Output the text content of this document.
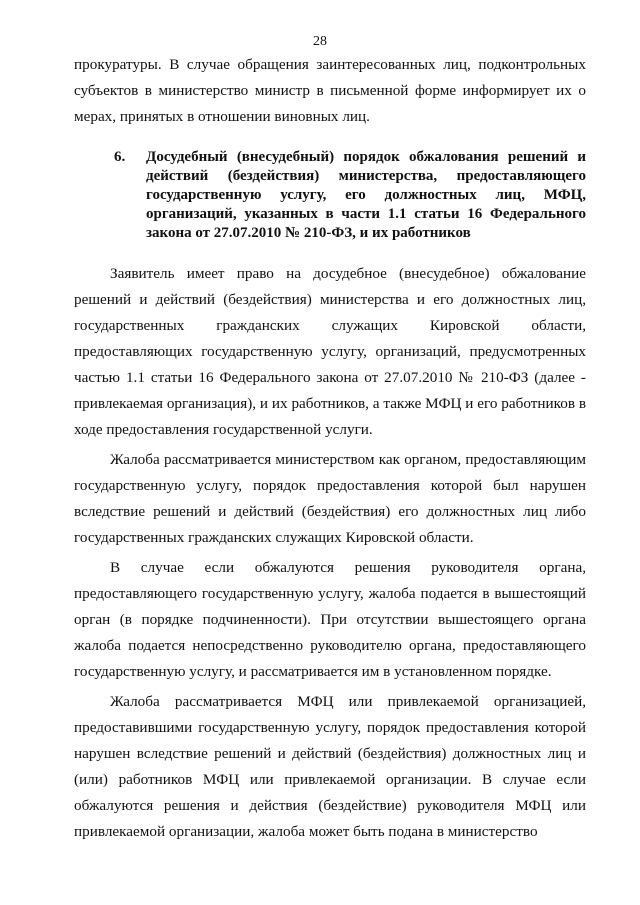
28

прокуратуры. В случае обращения заинтересованных лиц, подконтрольных субъектов в министерство министр в письменной форме информирует их о мерах, принятых в отношении виновных лиц.

6. Досудебный (внесудебный) порядок обжалования решений и действий (бездействия) министерства, предоставляющего государственную услугу, его должностных лиц, МФЦ, организаций, указанных в части 1.1 статьи 16 Федерального закона от 27.07.2010 № 210-ФЗ, и их работников

Заявитель имеет право на досудебное (внесудебное) обжалование решений и действий (бездействия) министерства и его должностных лиц, государственных гражданских служащих Кировской области, предоставляющих государственную услугу, организаций, предусмотренных частью 1.1 статьи 16 Федерального закона от 27.07.2010 № 210-ФЗ (далее - привлекаемая организация), и их работников, а также МФЦ и его работников в ходе предоставления государственной услуги.

Жалоба рассматривается министерством как органом, предоставляющим государственную услугу, порядок предоставления которой был нарушен вследствие решений и действий (бездействия) его должностных лиц либо государственных гражданских служащих Кировской области.

В случае если обжалуются решения руководителя органа, предоставляющего государственную услугу, жалоба подается в вышестоящий орган (в порядке подчиненности). При отсутствии вышестоящего органа жалоба подается непосредственно руководителю органа, предоставляющего государственную услугу, и рассматривается им в установленном порядке.

Жалоба рассматривается МФЦ или привлекаемой организацией, предоставившими государственную услугу, порядок предоставления которой нарушен вследствие решений и действий (бездействия) должностных лиц и (или) работников МФЦ или привлекаемой организации. В случае если обжалуются решения и действия (бездействие) руководителя МФЦ или привлекаемой организации, жалоба может быть подана в министерство
